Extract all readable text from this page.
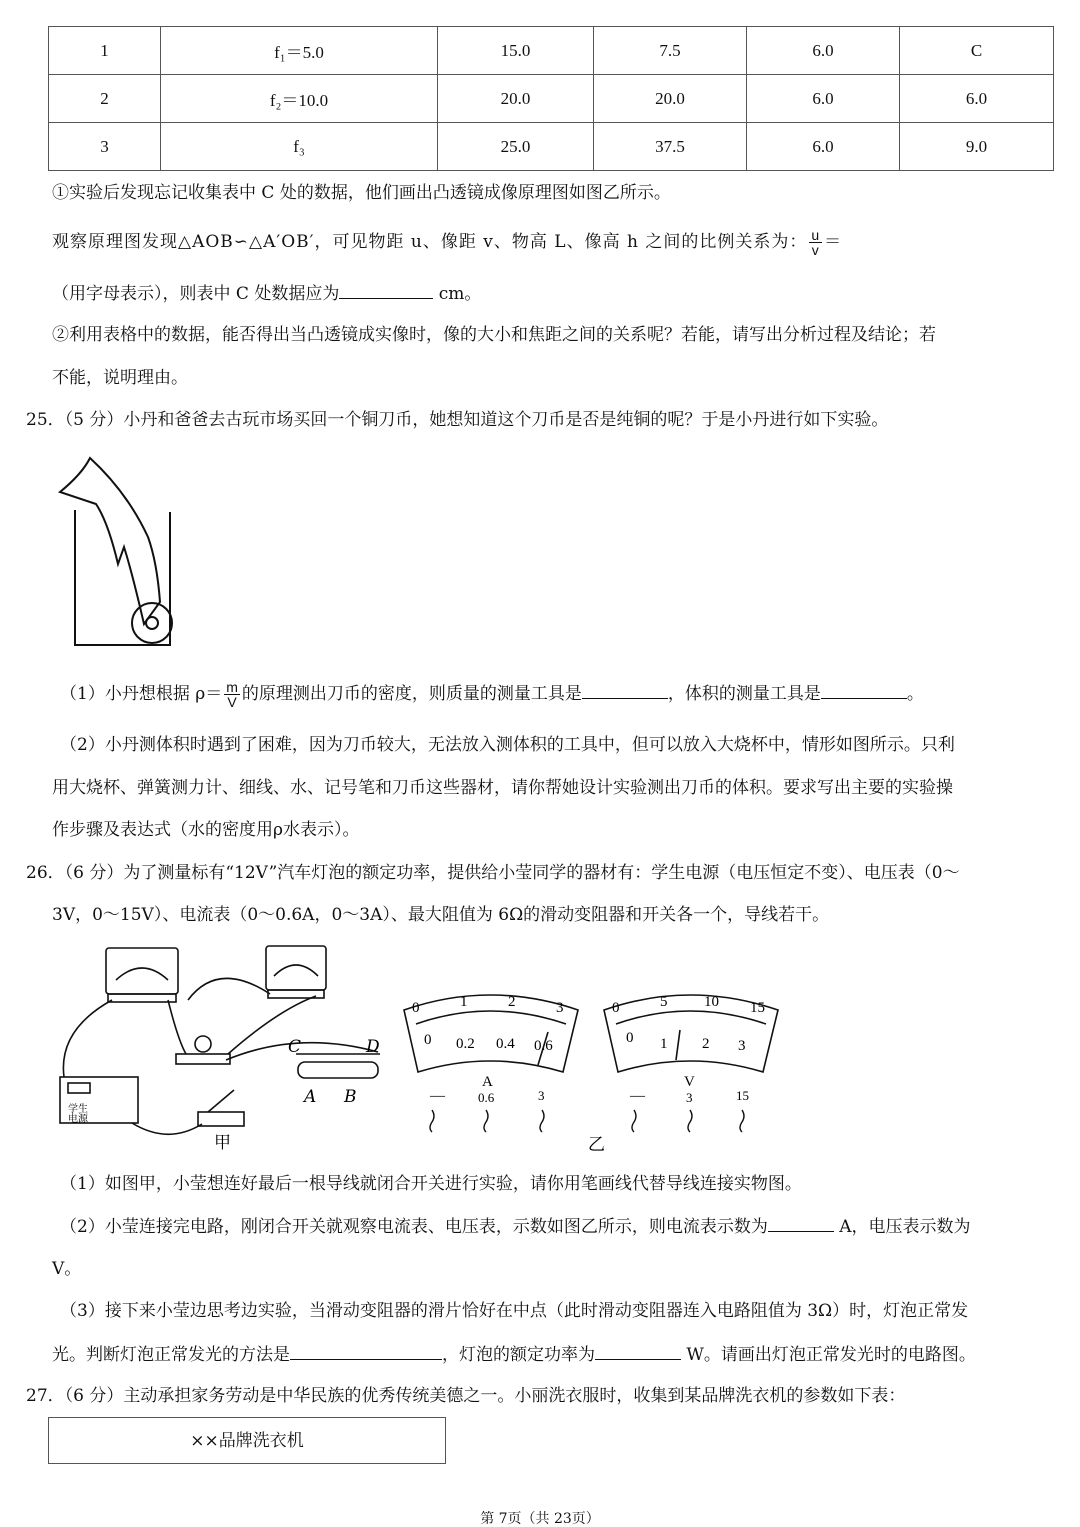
1	f₁＝5.0	15.0	7.5	6.0	C
2	f₂＝10.0	20.0	20.0	6.0	6.0
3	f₃	25.0	37.5	6.0	9.0
①实验后发现忘记收集表中 C 处的数据，他们画出凸透镜成像原理图如图乙所示。
观察原理图发现△AOB∽△A′OB′，可见物距 u、像距 v、物高 L、像高 h 之间的比例关系为： $\frac{u}{v}$ ＝
（用字母表示），则表中 C 处数据应为	cm。
②利用表格中的数据，能否得出当凸透镜成实像时，像的大小和焦距之间的关系呢？若能，请写出分析过程及结论；若
不能，说明理由。
25．（5 分）小丹和爸爸去古玩市场买回一个铜刀币，她想知道这个刀币是否是纯铜的呢？于是小丹进行如下实验。
（1）小丹想根据 $\rho= \frac{m}{V}$ 的原理测出刀币的密度，则质量的测量工具是	，体积的测量工具是	。
（2）小丹测体积时遇到了困难，因为刀币较大，无法放入测体积的工具中，但可以放入大烧杯中，情形如图所示。只利
用大烧杯、弹簧测力计、细线、水、记号笔和刀币这些器材，请你帮她设计实验测出刀币的体积。要求写出主要的实验操
作步骤及表达式（水的密度用ρ水表示）。
26．（6 分）为了测量标有“12V”汽车灯泡的额定功率，提供给小莹同学的器材有：学生电源（电压恒定不变）、电压表（0～
3V，0～15V）、电流表（0～0.6A，0～3A）、最大阻值为 6Ω的滑动变阻器和开关各一个，导线若干。
C	D
A B
学生
电源
甲
0	1	2	3
0 0.2 0.4 0.6
A
—	0.6	3
0	5 10 15
0 1 2 3
V
—	3	15
乙
（1）如图甲，小莹想连好最后一根导线就闭合开关进行实验，请你用笔画线代替导线连接实物图。
（2）小莹连接完电路，刚闭合开关就观察电流表、电压表，示数如图乙所示，则电流表示数为	A，电压表示数为
V。
（3）接下来小莹边思考边实验，当滑动变阻器的滑片恰好在中点（此时滑动变阻器连入电路阻值为 3Ω）时，灯泡正常发
光。判断灯泡正常发光的方法是	，灯泡的额定功率为	W。请画出灯泡正常发光时的电路图。
27．（6 分）主动承担家务劳动是中华民族的优秀传统美德之一。小丽洗衣服时，收集到某品牌洗衣机的参数如下表：
××品牌洗衣机
第 7页（共 23页）
